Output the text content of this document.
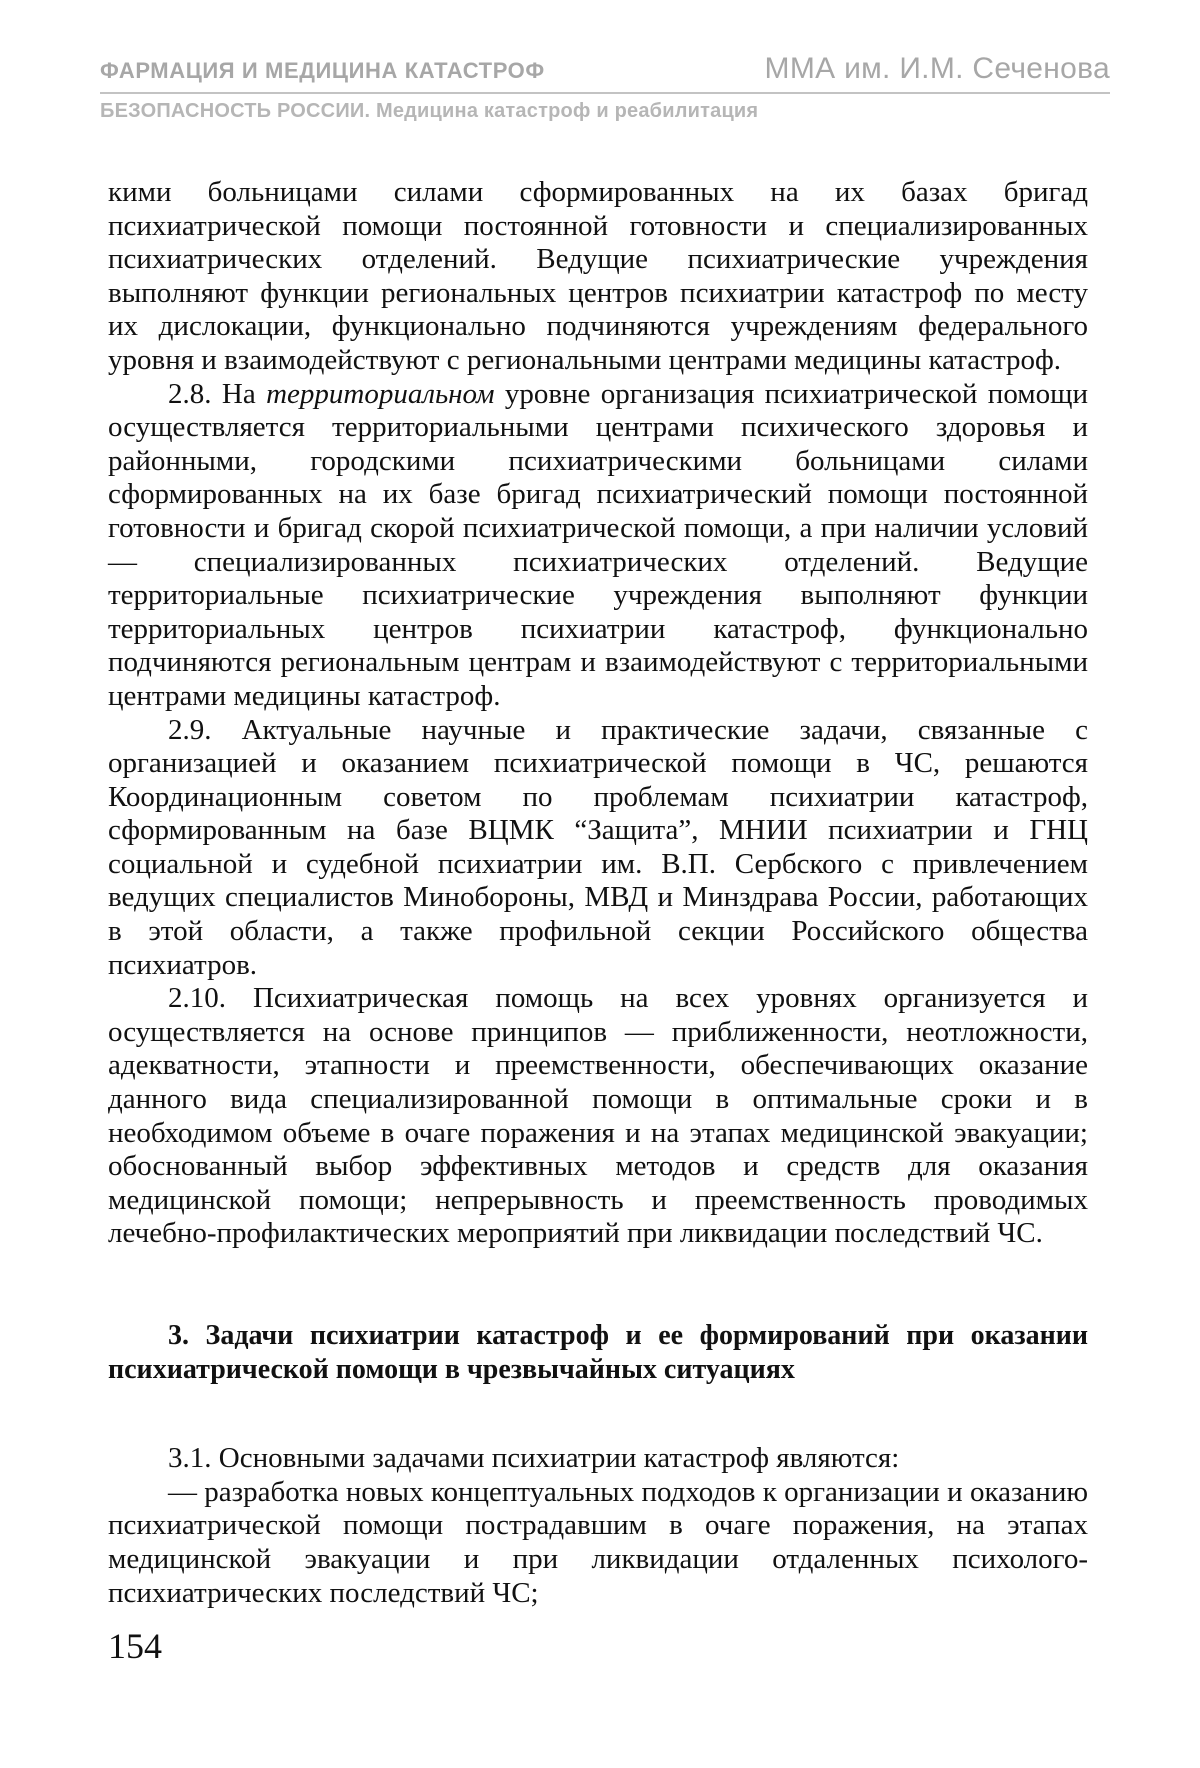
ФАРМАЦИЯ И МЕДИЦИНА КАТАСТРОФ	ММА им. И.М. Сеченова
БЕЗОПАСНОСТЬ РОССИИ. Медицина катастроф и реабилитация

кими больницами силами сформированных на их базах бригад психиатрической помощи постоянной готовности и специализированных психиатрических отделений. Ведущие психиатрические учреждения выполняют функции региональных центров психиатрии катастроф по месту их дислокации, функционально подчиняются учреждениям федерального уровня и взаимодействуют с региональными центрами медицины катастроф.

2.8. На территориальном уровне организация психиатрической помощи осуществляется территориальными центрами психического здоровья и районными, городскими психиатрическими больницами силами сформированных на их базе бригад психиатрический помощи постоянной готовности и бригад скорой психиатрической помощи, а при наличии условий — специализированных психиатрических отделений. Ведущие территориальные психиатрические учреждения выполняют функции территориальных центров психиатрии катастроф, функционально подчиняются региональным центрам и взаимодействуют с территориальными центрами медицины катастроф.

2.9. Актуальные научные и практические задачи, связанные с организацией и оказанием психиатрической помощи в ЧС, решаются Координационным советом по проблемам психиатрии катастроф, сформированным на базе ВЦМК “Защита”, МНИИ психиатрии и ГНЦ социальной и судебной психиатрии им. В.П. Сербского с привлечением ведущих специалистов Минобороны, МВД и Минздрава России, работающих в этой области, а также профильной секции Российского общества психиатров.

2.10. Психиатрическая помощь на всех уровнях организуется и осуществляется на основе принципов — приближенности, неотложности, адекватности, этапности и преемственности, обеспечивающих оказание данного вида специализированной помощи в оптимальные сроки и в необходимом объеме в очаге поражения и на этапах медицинской эвакуации; обоснованный выбор эффективных методов и средств для оказания медицинской помощи; непрерывность и преемственность проводимых лечебно-профилактических мероприятий при ликвидации последствий ЧС.

3. Задачи психиатрии катастроф и ее формирований при оказании психиатрической помощи в чрезвычайных ситуациях

3.1. Основными задачами психиатрии катастроф являются:

— разработка новых концептуальных подходов к организации и оказанию психиатрической помощи пострадавшим в очаге поражения, на этапах медицинской эвакуации и при ликвидации отдаленных психолого-психиатрических последствий ЧС;

154
